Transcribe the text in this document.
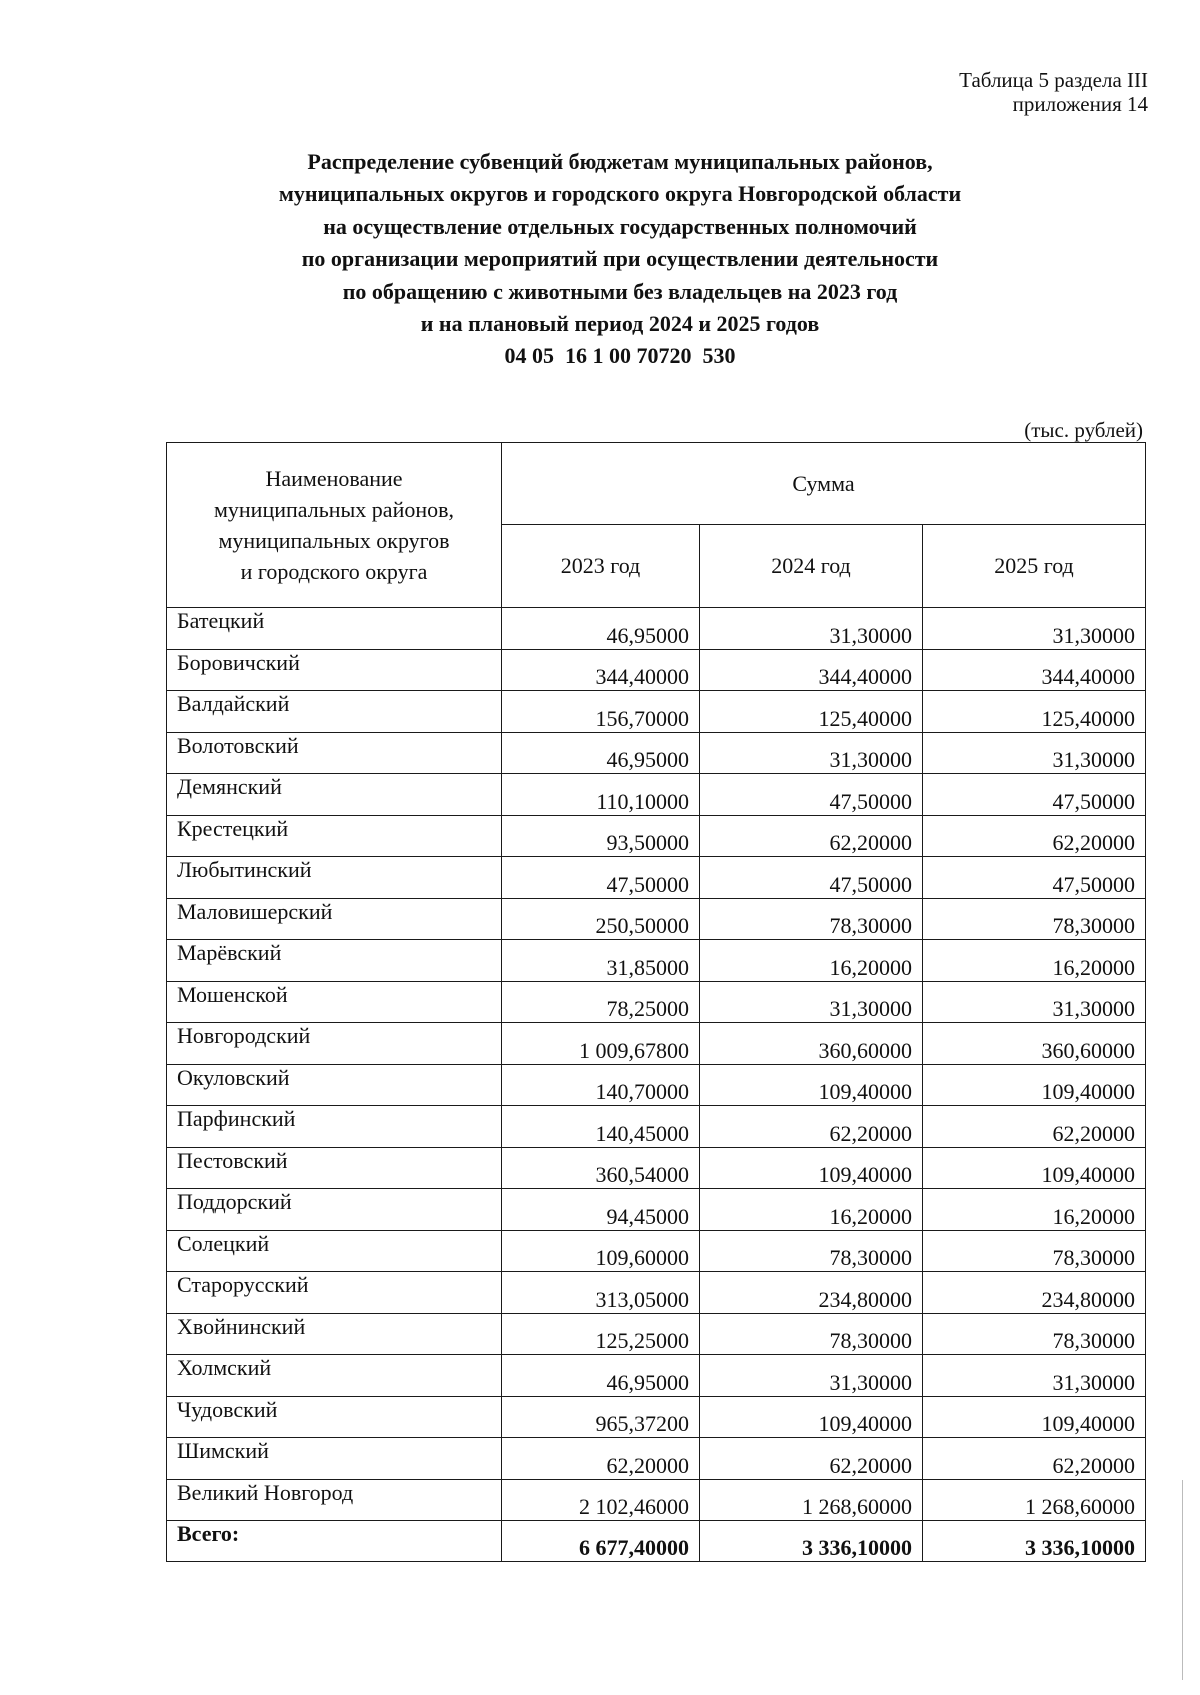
Таблица 5 раздела III
приложения 14
Распределение субвенций бюджетам муниципальных районов,
муниципальных округов и городского округа Новгородской области
на осуществление отдельных государственных полномочий
по организации мероприятий при осуществлении деятельности
по обращению с животными без владельцев на 2023 год
и на плановый период 2024 и 2025 годов
04 05  16 1 00 70720  530
(тыс. рублей)
Наименование
муниципальных районов,
муниципальных округов
и городского округа	Сумма		
	2023 год	2024 год	2025 год
Батецкий	46,95000	31,30000	31,30000
Боровичский	344,40000	344,40000	344,40000
Валдайский	156,70000	125,40000	125,40000
Волотовский	46,95000	31,30000	31,30000
Демянский	110,10000	47,50000	47,50000
Крестецкий	93,50000	62,20000	62,20000
Любытинский	47,50000	47,50000	47,50000
Маловишерский	250,50000	78,30000	78,30000
Марёвский	31,85000	16,20000	16,20000
Мошенской	78,25000	31,30000	31,30000
Новгородский	1 009,67800	360,60000	360,60000
Окуловский	140,70000	109,40000	109,40000
Парфинский	140,45000	62,20000	62,20000
Пестовский	360,54000	109,40000	109,40000
Поддорский	94,45000	16,20000	16,20000
Солецкий	109,60000	78,30000	78,30000
Старорусский	313,05000	234,80000	234,80000
Хвойнинский	125,25000	78,30000	78,30000
Холмский	46,95000	31,30000	31,30000
Чудовский	965,37200	109,40000	109,40000
Шимский	62,20000	62,20000	62,20000
Великий Новгород	2 102,46000	1 268,60000	1 268,60000
Всего:	6 677,40000	3 336,10000	3 336,10000
